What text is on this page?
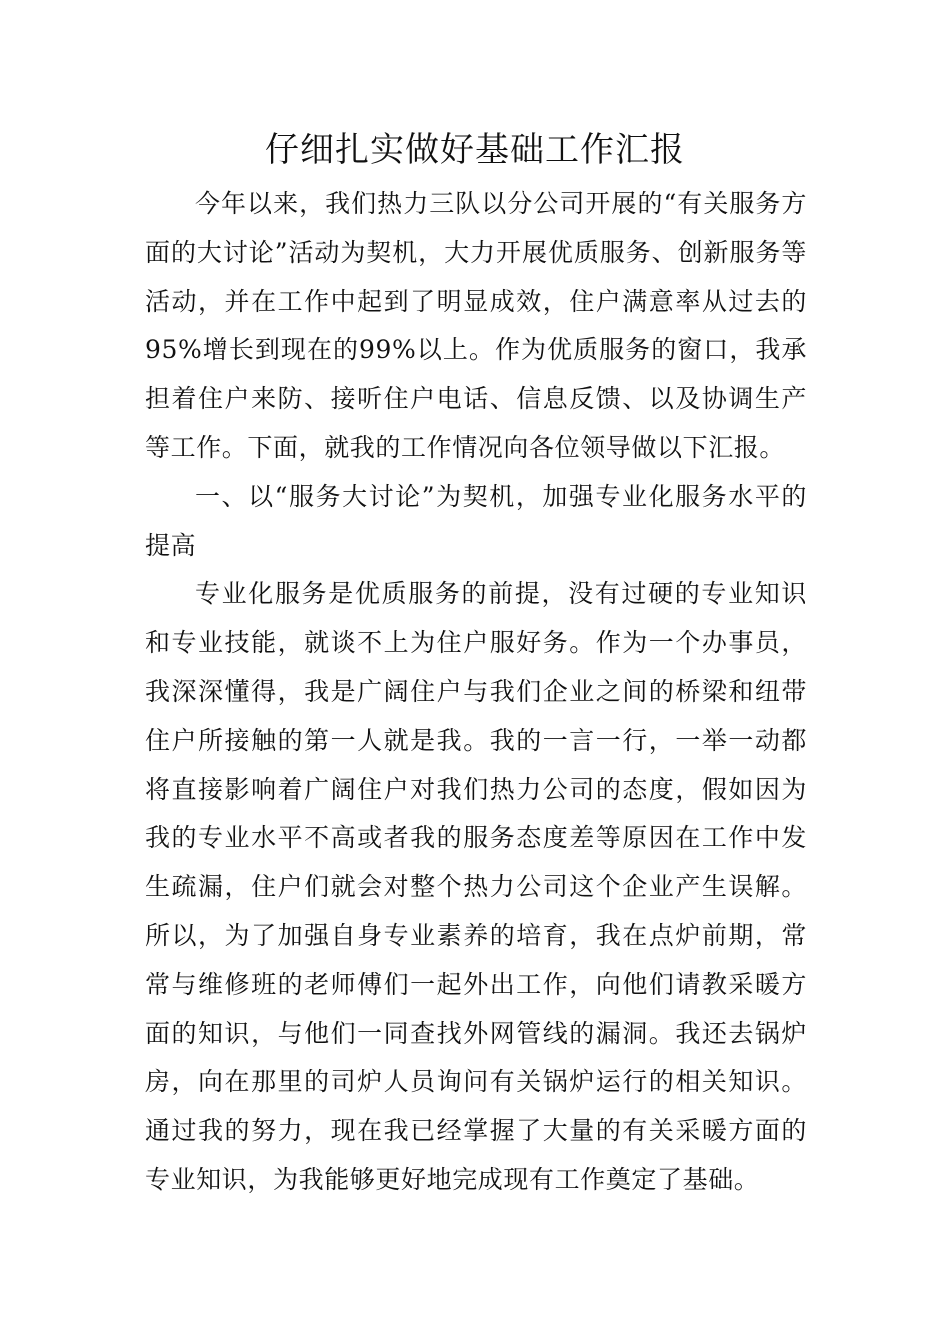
仔细扎实做好基础工作汇报

今年以来，我们热力三队以分公司开展的“有关服务方面的大讨论”活动为契机，大力开展优质服务、创新服务等活动，并在工作中起到了明显成效，住户满意率从过去的95%增长到现在的99%以上。作为优质服务的窗口，我承担着住户来防、接听住户电话、信息反馈、以及协调生产等工作。下面，就我的工作情况向各位领导做以下汇报。

一、以“服务大讨论”为契机，加强专业化服务水平的提高

专业化服务是优质服务的前提，没有过硬的专业知识和专业技能，就谈不上为住户服好务。作为一个办事员，我深深懂得，我是广阔住户与我们企业之间的桥梁和纽带住户所接触的第一人就是我。我的一言一行，一举一动都将直接影响着广阔住户对我们热力公司的态度，假如因为我的专业水平不高或者我的服务态度差等原因在工作中发生疏漏，住户们就会对整个热力公司这个企业产生误解。所以，为了加强自身专业素养的培育，我在点炉前期，常常与维修班的老师傅们一起外出工作，向他们请教采暖方面的知识，与他们一同查找外网管线的漏洞。我还去锅炉房，向在那里的司炉人员询问有关锅炉运行的相关知识。通过我的努力，现在我已经掌握了大量的有关采暖方面的专业知识，为我能够更好地完成现有工作奠定了基础。
